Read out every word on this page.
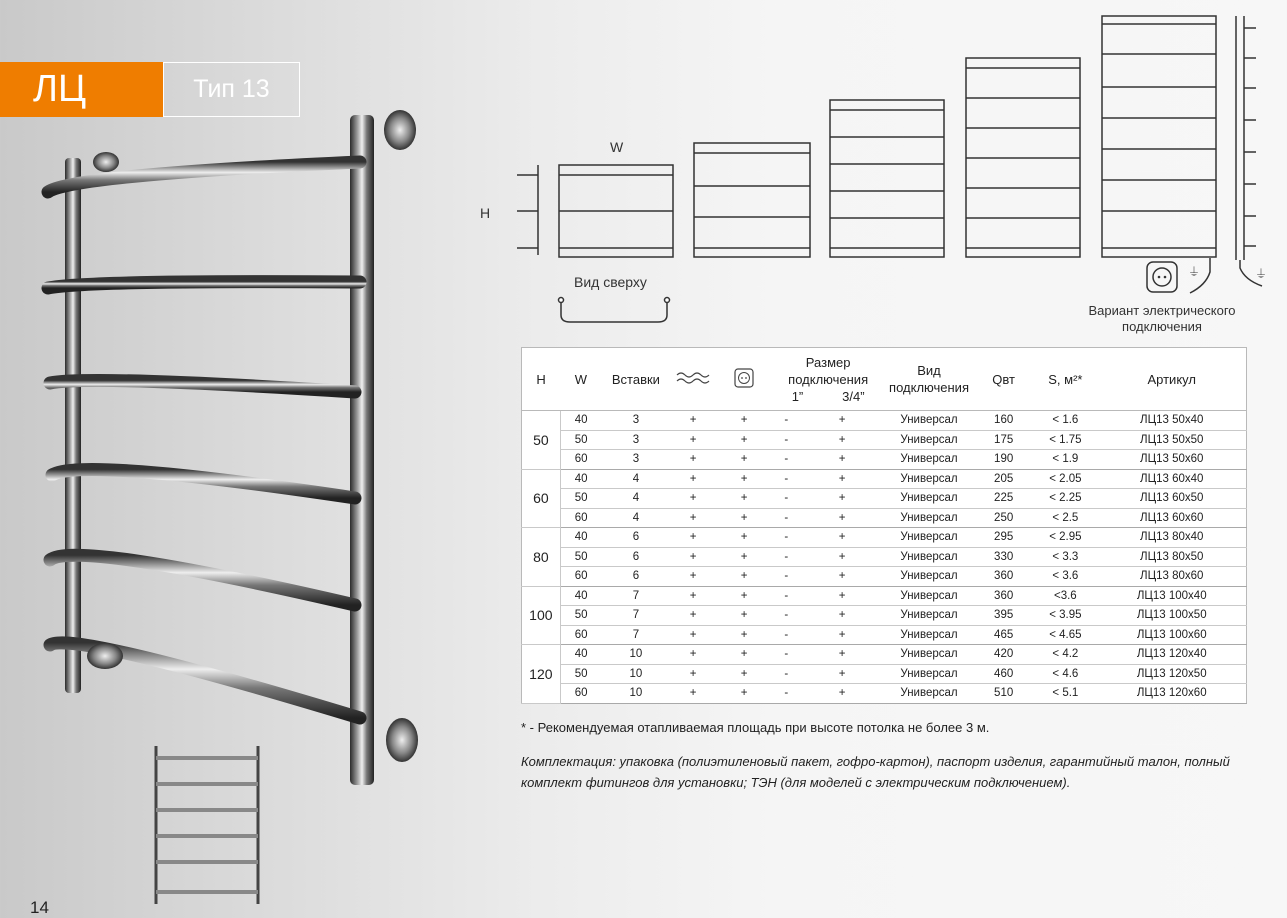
ЛЦ	Тип 13
⏚	⏚
W
H
Вид сверху
Вариант электрического подключения
H	W	Вставки			Размер подключения
1” 3/4”		Вид подключения	Qвт	S, м²*	Артикул
50	40	3	+	+	-	+	Универсал	160	< 1.6	ЛЦ13 50х40
	50	3	+	+	-	+	Универсал	175	< 1.75	ЛЦ13 50х50
	60	3	+	+	-	+	Универсал	190	< 1.9	ЛЦ13 50х60
60	40	4	+	+	-	+	Универсал	205	< 2.05	ЛЦ13 60х40
	50	4	+	+	-	+	Универсал	225	< 2.25	ЛЦ13 60х50
	60	4	+	+	-	+	Универсал	250	< 2.5	ЛЦ13 60х60
80	40	6	+	+	-	+	Универсал	295	< 2.95	ЛЦ13 80х40
	50	6	+	+	-	+	Универсал	330	< 3.3	ЛЦ13 80х50
	60	6	+	+	-	+	Универсал	360	< 3.6	ЛЦ13 80х60
100	40	7	+	+	-	+	Универсал	360	<3.6	ЛЦ13 100х40
	50	7	+	+	-	+	Универсал	395	< 3.95	ЛЦ13 100х50
	60	7	+	+	-	+	Универсал	465	< 4.65	ЛЦ13 100х60
120	40	10	+	+	-	+	Универсал	420	< 4.2	ЛЦ13 120х40
	50	10	+	+	-	+	Универсал	460	< 4.6	ЛЦ13 120х50
	60	10	+	+	-	+	Универсал	510	< 5.1	ЛЦ13 120х60
* - Рекомендуемая отапливаемая площадь при высоте потолка не более 3 м.
Комплектация: упаковка (полиэтиленовый пакет, гофро-картон), паспорт изделия, гарантийный талон, полный комплект фитингов для установки; ТЭН (для моделей с электрическим подключением).
14
